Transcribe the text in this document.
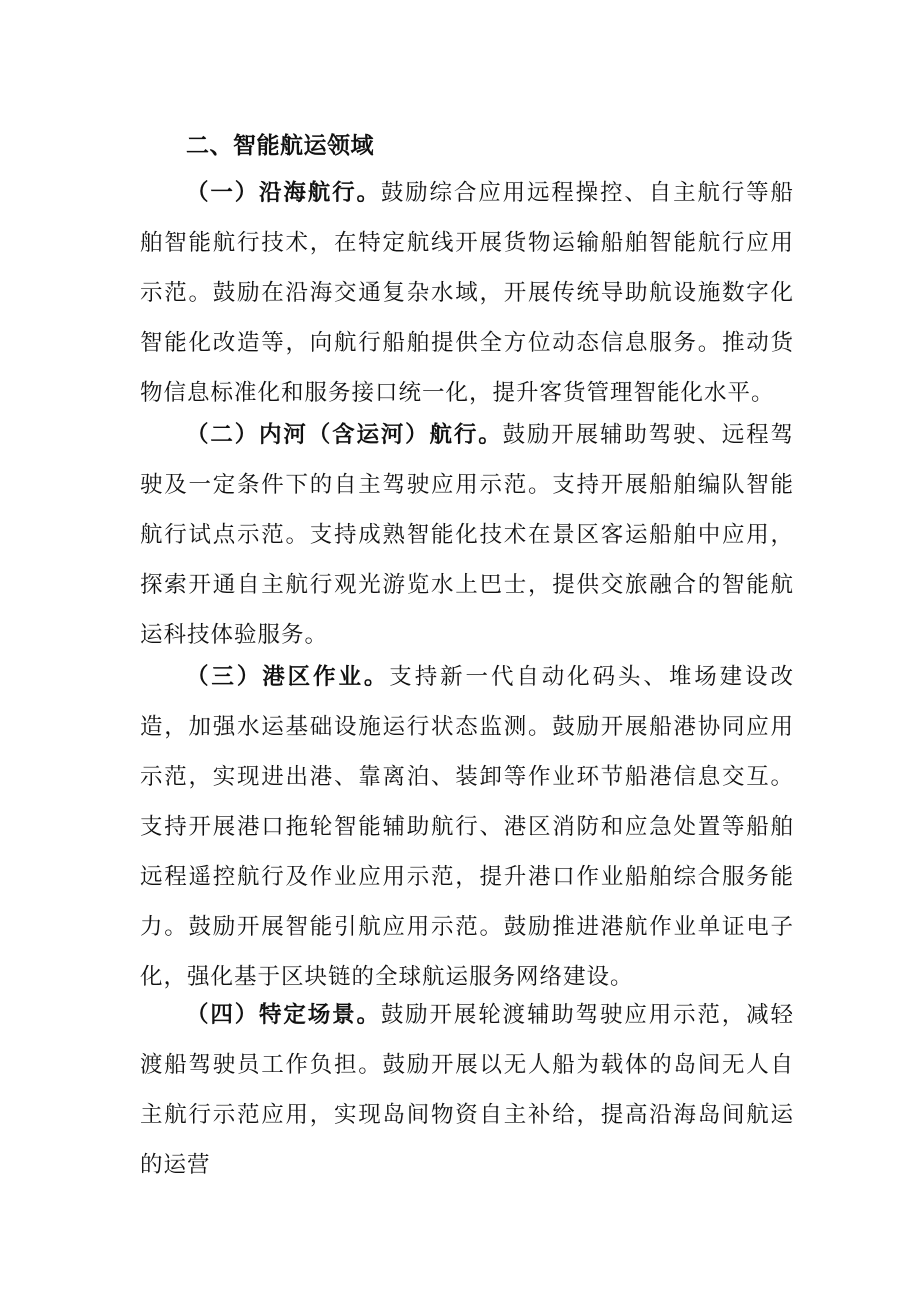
二、智能航运领域

（一）沿海航行。鼓励综合应用远程操控、自主航行等船舶智能航行技术，在特定航线开展货物运输船舶智能航行应用示范。鼓励在沿海交通复杂水域，开展传统导助航设施数字化智能化改造等，向航行船舶提供全方位动态信息服务。推动货物信息标准化和服务接口统一化，提升客货管理智能化水平。

（二）内河（含运河）航行。鼓励开展辅助驾驶、远程驾驶及一定条件下的自主驾驶应用示范。支持开展船舶编队智能航行试点示范。支持成熟智能化技术在景区客运船舶中应用，探索开通自主航行观光游览水上巴士，提供交旅融合的智能航运科技体验服务。

（三）港区作业。支持新一代自动化码头、堆场建设改造，加强水运基础设施运行状态监测。鼓励开展船港协同应用示范，实现进出港、靠离泊、装卸等作业环节船港信息交互。支持开展港口拖轮智能辅助航行、港区消防和应急处置等船舶远程遥控航行及作业应用示范，提升港口作业船舶综合服务能力。鼓励开展智能引航应用示范。鼓励推进港航作业单证电子化，强化基于区块链的全球航运服务网络建设。

（四）特定场景。鼓励开展轮渡辅助驾驶应用示范，减轻渡船驾驶员工作负担。鼓励开展以无人船为载体的岛间无人自主航行示范应用，实现岛间物资自主补给，提高沿海岛间航运的运营
